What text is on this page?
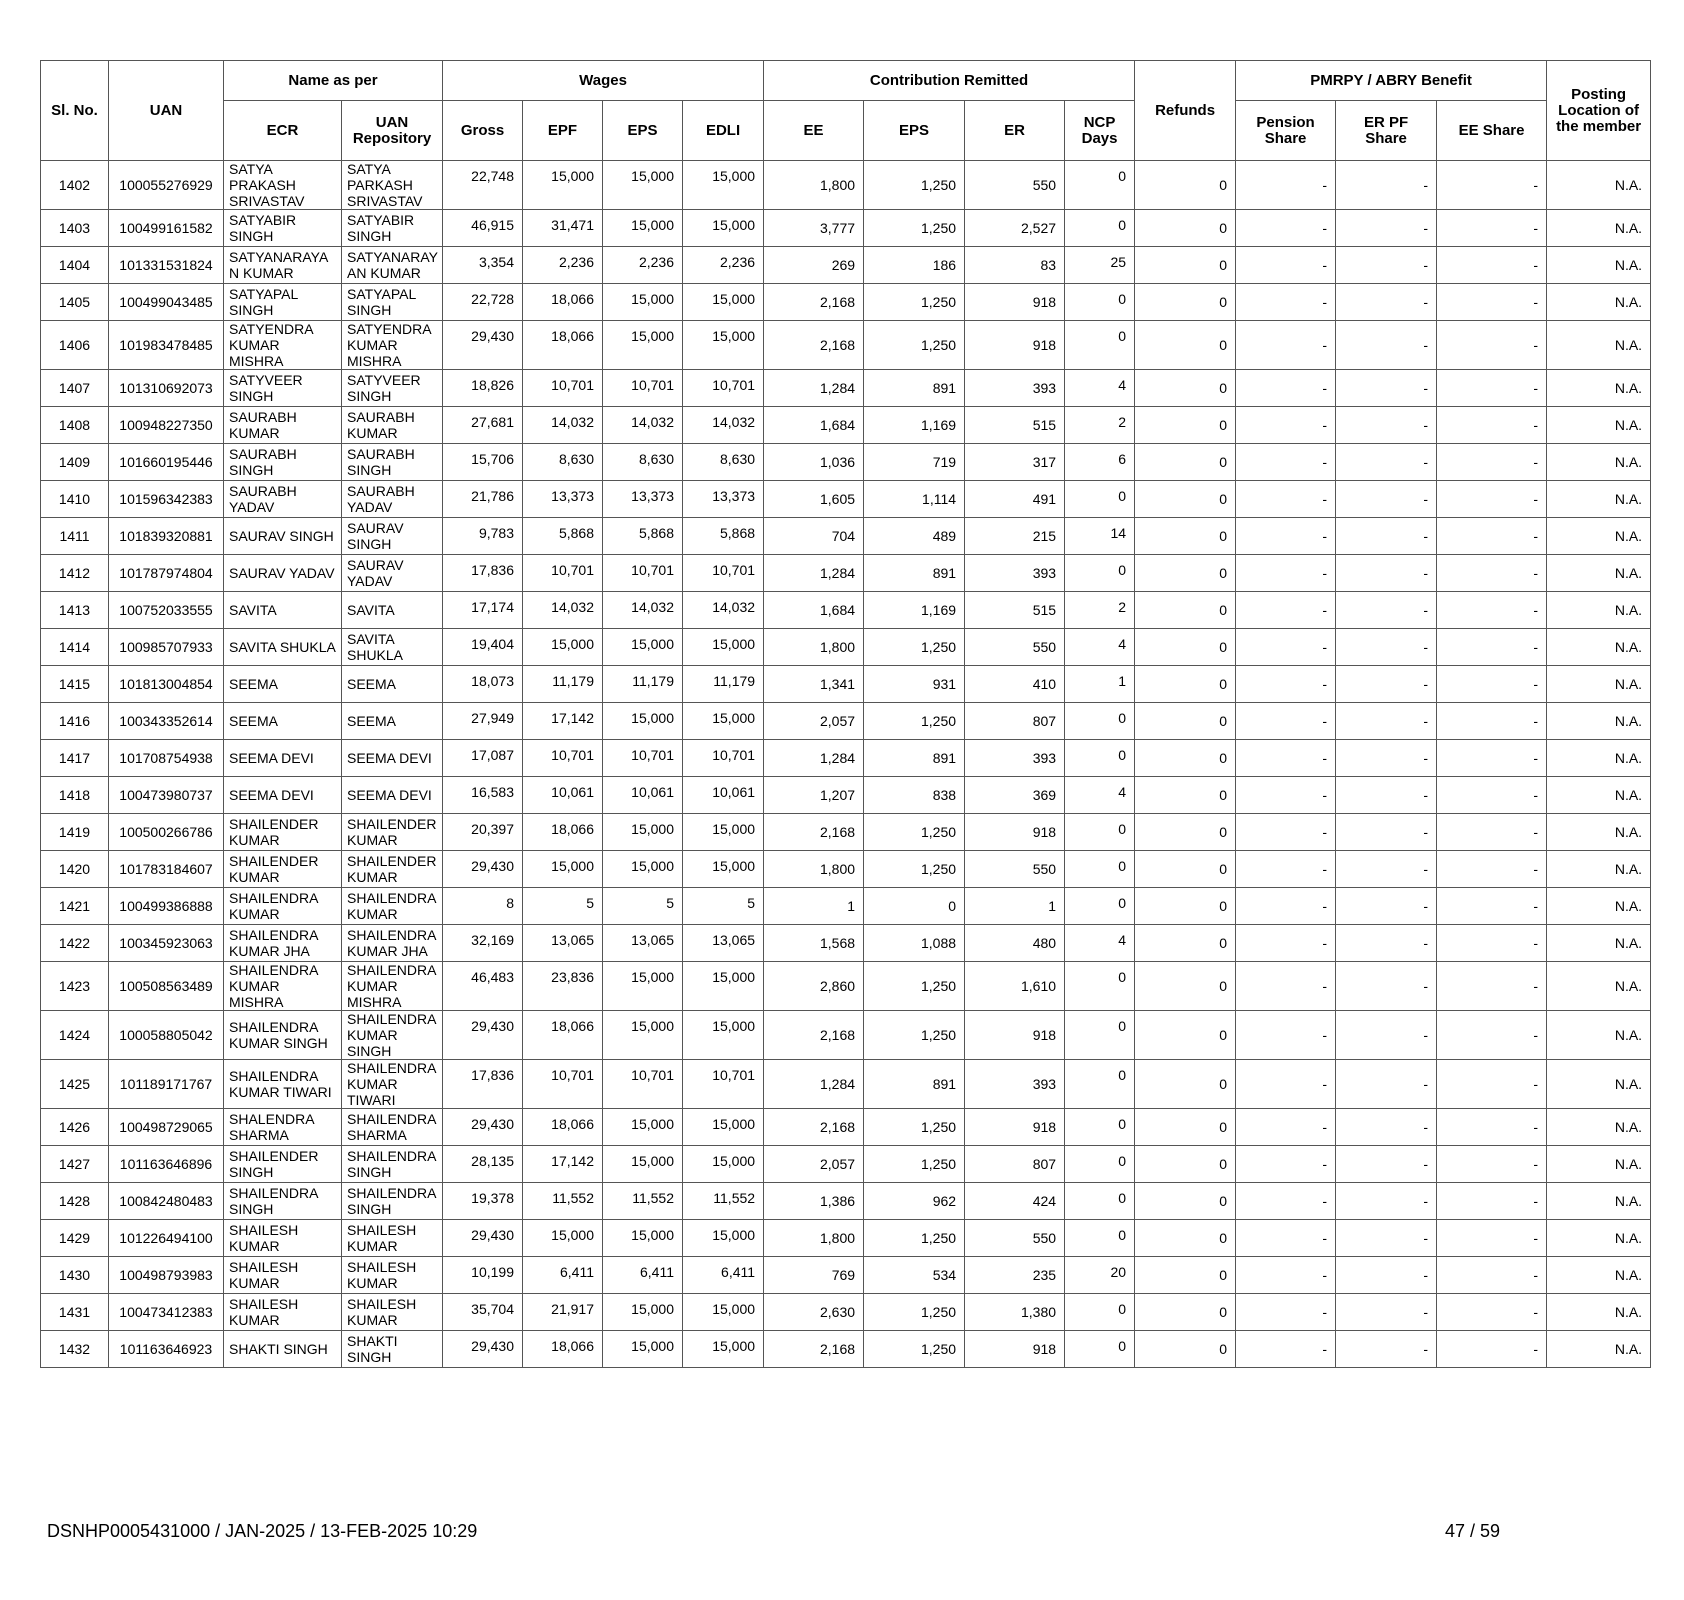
Sl. No.	UAN	Name as per		Wages				Contribution Remitted				Refunds	PMRPY / ABRY Benefit			Posting Location of the member
		ECR	UAN Repository	Gross	EPF	EPS	EDLI	EE	EPS	ER	NCP Days		Pension Share	ER PF Share	EE Share	
1402	100055276929	SATYA PRAKASH SRIVASTAV	SATYA PARKASH SRIVASTAV	22,748	15,000	15,000	15,000	1,800	1,250	550	0	0	-	-	-	N.A.
1403	100499161582	SATYABIR SINGH	SATYABIR SINGH	46,915	31,471	15,000	15,000	3,777	1,250	2,527	0	0	-	-	-	N.A.
1404	101331531824	SATYANARAYA N KUMAR	SATYANARAY AN KUMAR	3,354	2,236	2,236	2,236	269	186	83	25	0	-	-	-	N.A.
1405	100499043485	SATYAPAL SINGH	SATYAPAL SINGH	22,728	18,066	15,000	15,000	2,168	1,250	918	0	0	-	-	-	N.A.
1406	101983478485	SATYENDRA KUMAR MISHRA	SATYENDRA KUMAR MISHRA	29,430	18,066	15,000	15,000	2,168	1,250	918	0	0	-	-	-	N.A.
1407	101310692073	SATYVEER SINGH	SATYVEER SINGH	18,826	10,701	10,701	10,701	1,284	891	393	4	0	-	-	-	N.A.
1408	100948227350	SAURABH KUMAR	SAURABH KUMAR	27,681	14,032	14,032	14,032	1,684	1,169	515	2	0	-	-	-	N.A.
1409	101660195446	SAURABH SINGH	SAURABH SINGH	15,706	8,630	8,630	8,630	1,036	719	317	6	0	-	-	-	N.A.
1410	101596342383	SAURABH YADAV	SAURABH YADAV	21,786	13,373	13,373	13,373	1,605	1,114	491	0	0	-	-	-	N.A.
1411	101839320881	SAURAV SINGH	SAURAV SINGH	9,783	5,868	5,868	5,868	704	489	215	14	0	-	-	-	N.A.
1412	101787974804	SAURAV YADAV	SAURAV YADAV	17,836	10,701	10,701	10,701	1,284	891	393	0	0	-	-	-	N.A.
1413	100752033555	SAVITA	SAVITA	17,174	14,032	14,032	14,032	1,684	1,169	515	2	0	-	-	-	N.A.
1414	100985707933	SAVITA SHUKLA	SAVITA SHUKLA	19,404	15,000	15,000	15,000	1,800	1,250	550	4	0	-	-	-	N.A.
1415	101813004854	SEEMA	SEEMA	18,073	11,179	11,179	11,179	1,341	931	410	1	0	-	-	-	N.A.
1416	100343352614	SEEMA	SEEMA	27,949	17,142	15,000	15,000	2,057	1,250	807	0	0	-	-	-	N.A.
1417	101708754938	SEEMA DEVI	SEEMA DEVI	17,087	10,701	10,701	10,701	1,284	891	393	0	0	-	-	-	N.A.
1418	100473980737	SEEMA DEVI	SEEMA DEVI	16,583	10,061	10,061	10,061	1,207	838	369	4	0	-	-	-	N.A.
1419	100500266786	SHAILENDER KUMAR	SHAILENDER KUMAR	20,397	18,066	15,000	15,000	2,168	1,250	918	0	0	-	-	-	N.A.
1420	101783184607	SHAILENDER KUMAR	SHAILENDER KUMAR	29,430	15,000	15,000	15,000	1,800	1,250	550	0	0	-	-	-	N.A.
1421	100499386888	SHAILENDRA KUMAR	SHAILENDRA KUMAR	8	5	5	5	1	0	1	0	0	-	-	-	N.A.
1422	100345923063	SHAILENDRA KUMAR JHA	SHAILENDRA KUMAR JHA	32,169	13,065	13,065	13,065	1,568	1,088	480	4	0	-	-	-	N.A.
1423	100508563489	SHAILENDRA KUMAR MISHRA	SHAILENDRA KUMAR MISHRA	46,483	23,836	15,000	15,000	2,860	1,250	1,610	0	0	-	-	-	N.A.
1424	100058805042	SHAILENDRA KUMAR SINGH	SHAILENDRA KUMAR SINGH	29,430	18,066	15,000	15,000	2,168	1,250	918	0	0	-	-	-	N.A.
1425	101189171767	SHAILENDRA KUMAR TIWARI	SHAILENDRA KUMAR TIWARI	17,836	10,701	10,701	10,701	1,284	891	393	0	0	-	-	-	N.A.
1426	100498729065	SHALENDRA SHARMA	SHAILENDRA SHARMA	29,430	18,066	15,000	15,000	2,168	1,250	918	0	0	-	-	-	N.A.
1427	101163646896	SHAILENDER SINGH	SHAILENDRA SINGH	28,135	17,142	15,000	15,000	2,057	1,250	807	0	0	-	-	-	N.A.
1428	100842480483	SHAILENDRA SINGH	SHAILENDRA SINGH	19,378	11,552	11,552	11,552	1,386	962	424	0	0	-	-	-	N.A.
1429	101226494100	SHAILESH KUMAR	SHAILESH KUMAR	29,430	15,000	15,000	15,000	1,800	1,250	550	0	0	-	-	-	N.A.
1430	100498793983	SHAILESH KUMAR	SHAILESH KUMAR	10,199	6,411	6,411	6,411	769	534	235	20	0	-	-	-	N.A.
1431	100473412383	SHAILESH KUMAR	SHAILESH KUMAR	35,704	21,917	15,000	15,000	2,630	1,250	1,380	0	0	-	-	-	N.A.
1432	101163646923	SHAKTI SINGH	SHAKTI SINGH	29,430	18,066	15,000	15,000	2,168	1,250	918	0	0	-	-	-	N.A.
DSNHP0005431000 / JAN-2025 / 13-FEB-2025 10:29	47 / 59
